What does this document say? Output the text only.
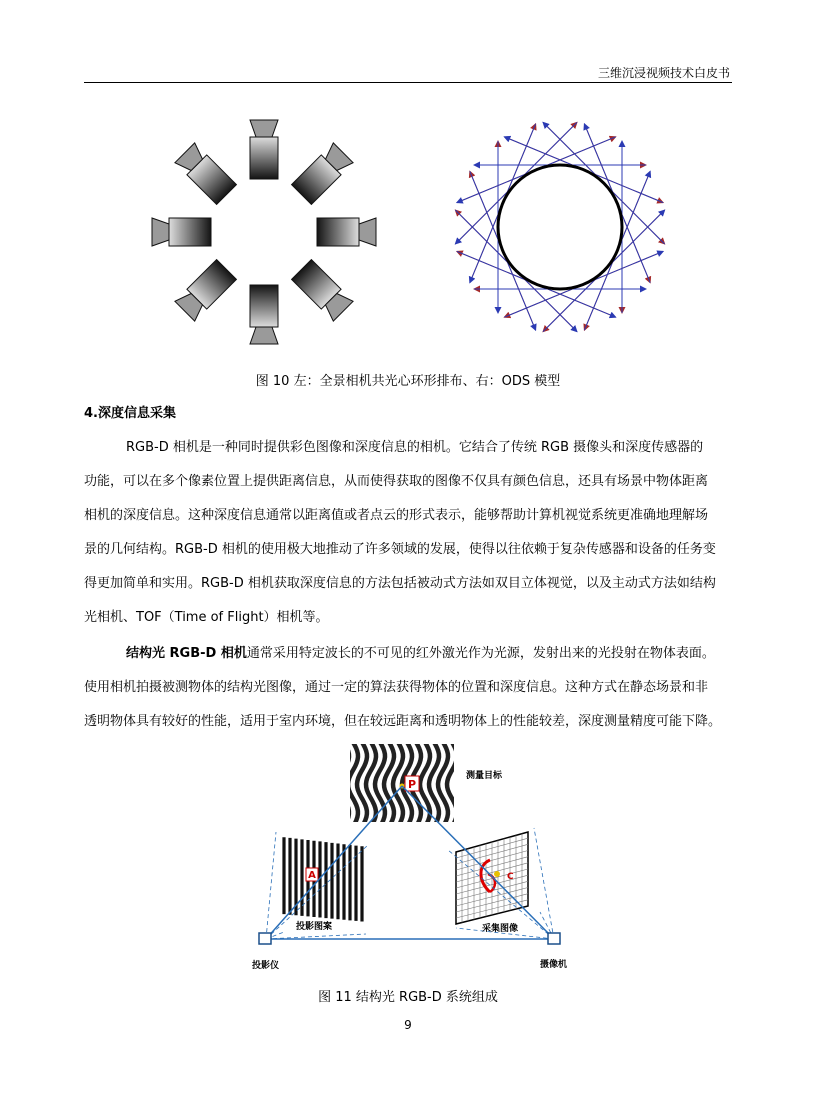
三维沉浸视频技术白皮书
图 10 左：全景相机共光心环形排布、右：ODS 模型
4.深度信息采集
RGB-D 相机是一种同时提供彩色图像和深度信息的相机。它结合了传统 RGB 摄像头和深度传感器的
功能，可以在多个像素位置上提供距离信息，从而使得获取的图像不仅具有颜色信息，还具有场景中物体距离
相机的深度信息。这种深度信息通常以距离值或者点云的形式表示，能够帮助计算机视觉系统更准确地理解场
景的几何结构。RGB-D 相机的使用极大地推动了许多领域的发展，使得以往依赖于复杂传感器和设备的任务变
得更加简单和实用。RGB-D 相机获取深度信息的方法包括被动式方法如双目立体视觉，以及主动式方法如结构
光相机、TOF（Time of Flight）相机等。
结构光 RGB-D 相机通常采用特定波长的不可见的红外激光作为光源，发射出来的光投射在物体表面。
使用相机拍摄被测物体的结构光图像，通过一定的算法获得物体的位置和深度信息。这种方式在静态场景和非
透明物体具有较好的性能，适用于室内环境，但在较远距离和透明物体上的性能较差，深度测量精度可能下降。
P
测量目标
A	C
投影图案	采集图像
投影仪	摄像机
图 11 结构光 RGB-D 系统组成
9
